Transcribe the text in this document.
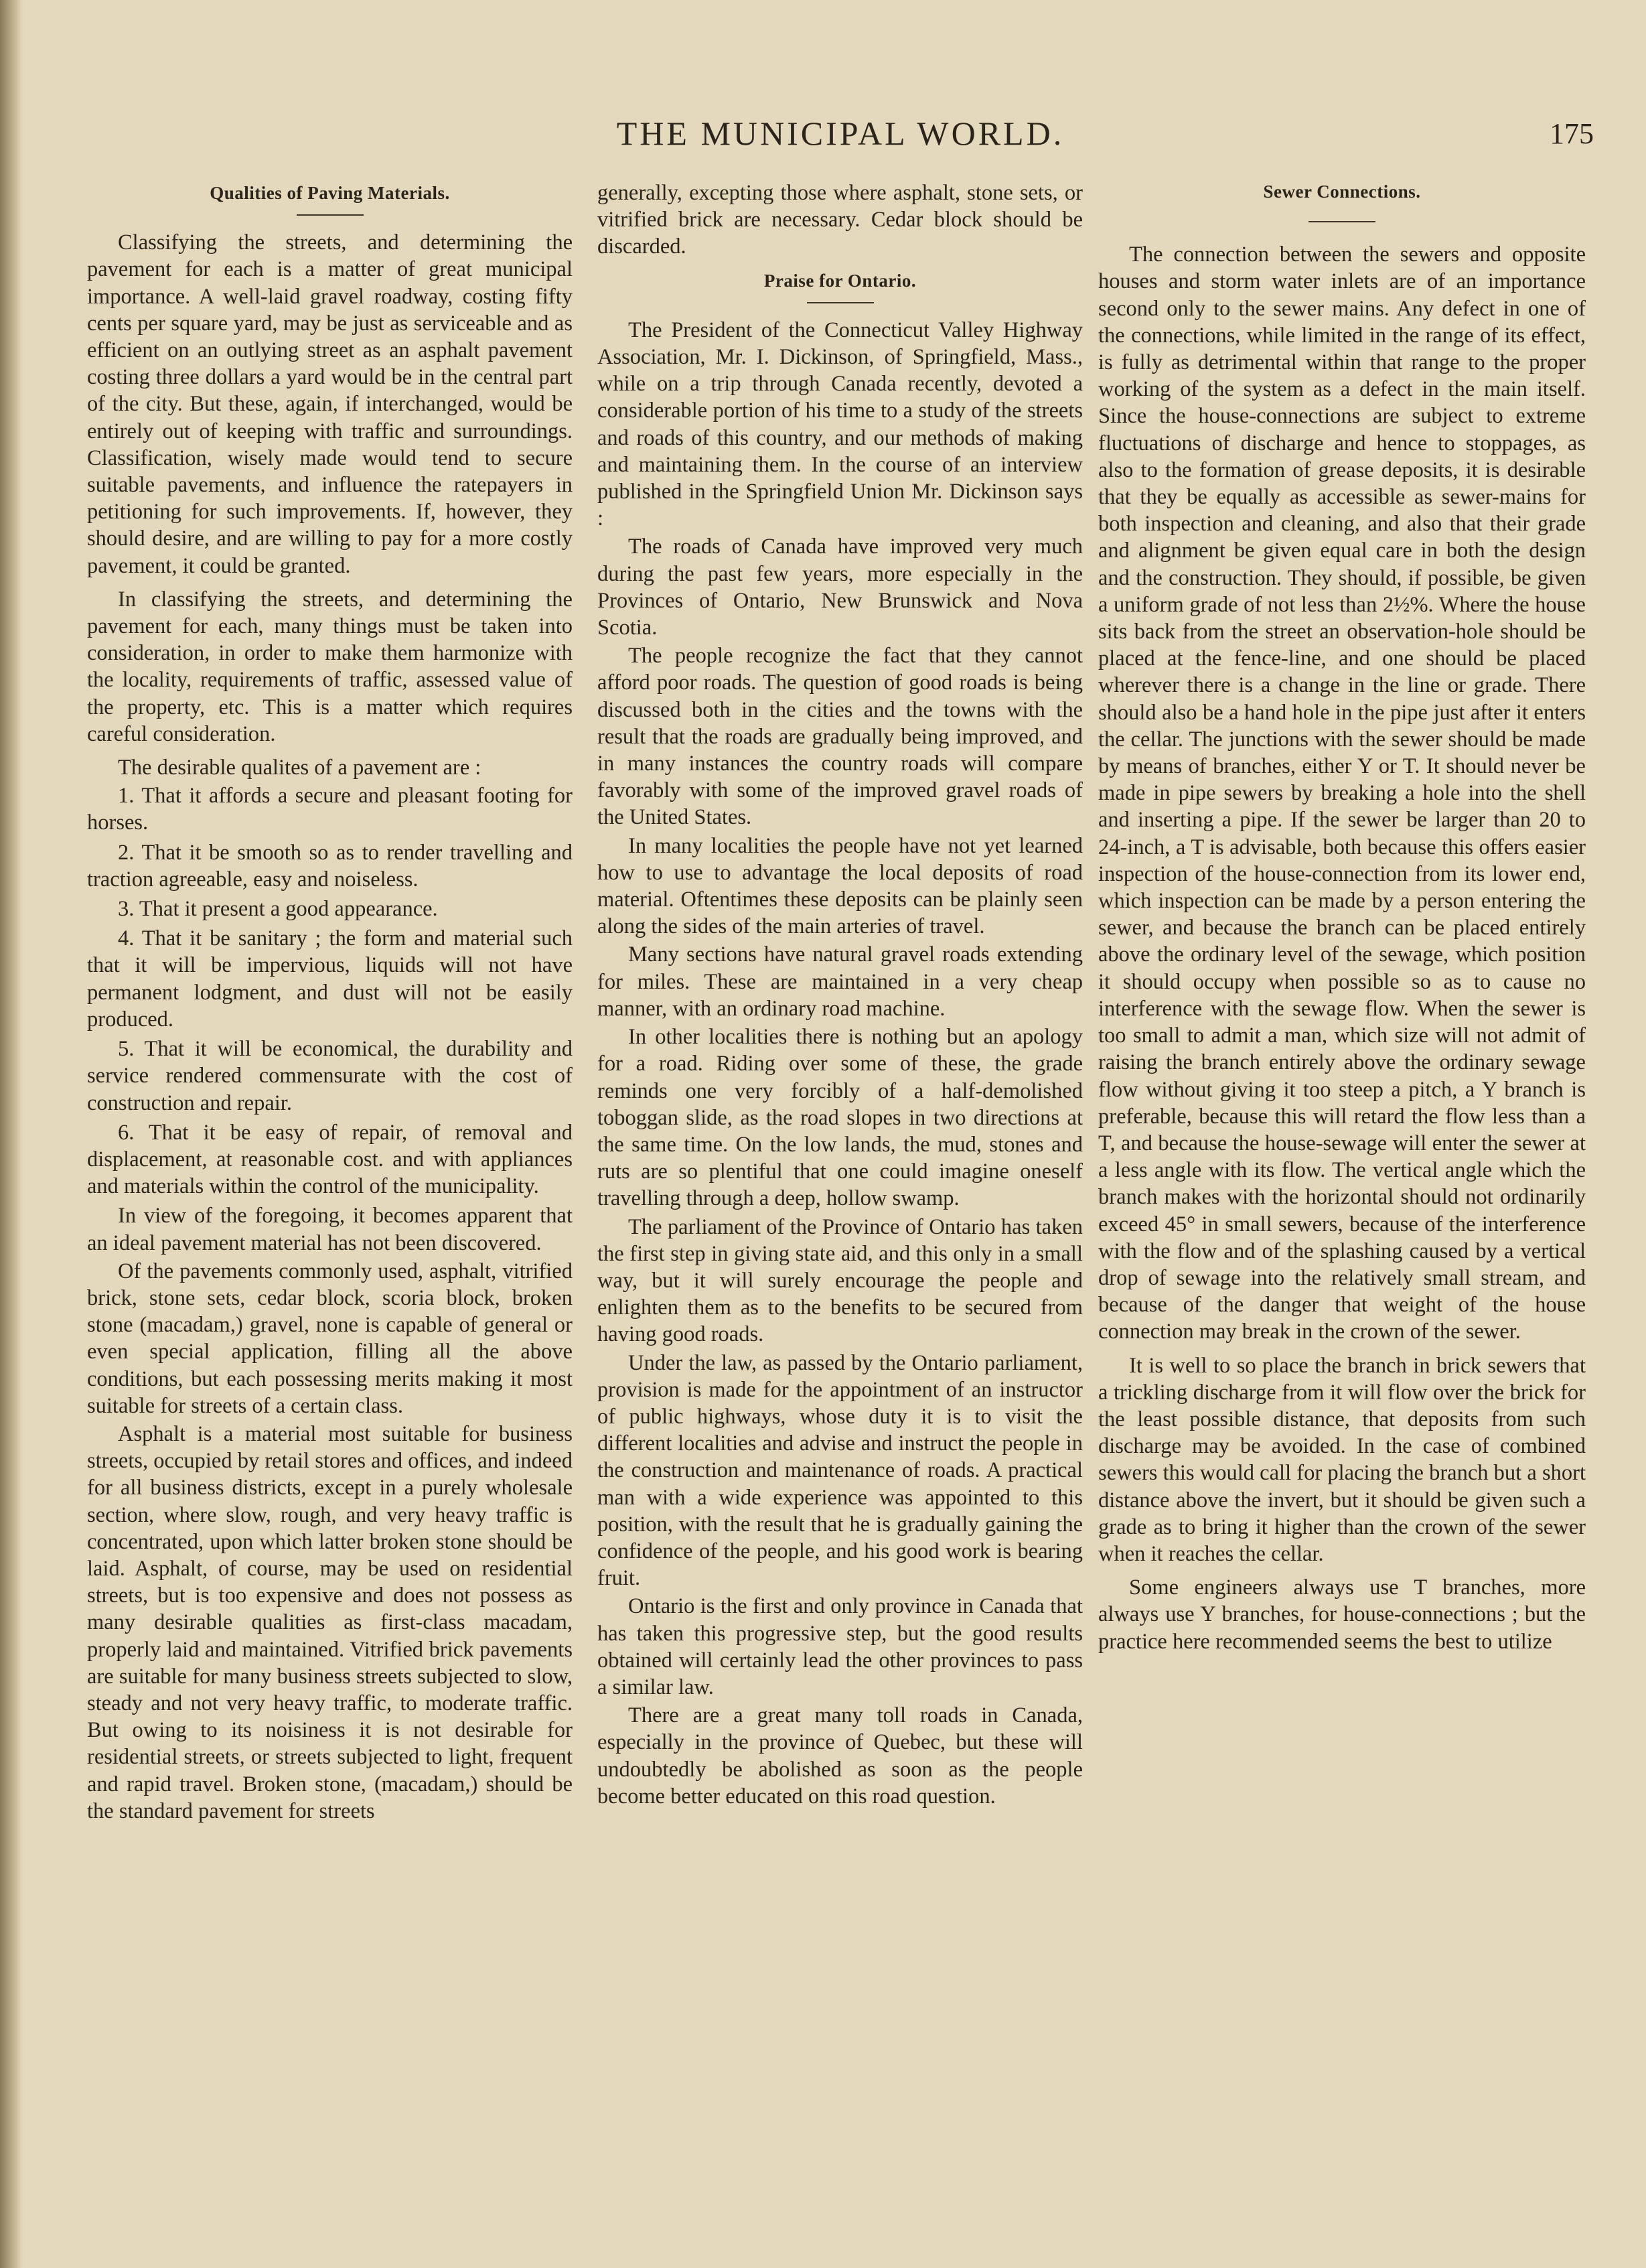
THE MUNICIPAL WORLD.	175
Qualities of Paving Materials.

Classifying the streets, and determining the pavement for each is a matter of great municipal importance. A well-laid gravel roadway, costing fifty cents per square yard, may be just as serviceable and as efficient on an outlying street as an asphalt pavement costing three dollars a yard would be in the central part of the city. But these, again, if interchanged, would be entirely out of keeping with traffic and surroundings. Classification, wisely made would tend to secure suitable pavements, and influence the ratepayers in petitioning for such improvements. If, however, they should desire, and are willing to pay for a more costly pavement, it could be granted.

In classifying the streets, and determining the pavement for each, many things must be taken into consideration, in order to make them harmonize with the locality, requirements of traffic, assessed value of the property, etc. This is a matter which requires careful consideration.

The desirable qualites of a pavement are :

1. That it affords a secure and pleasant footing for horses.

2. That it be smooth so as to render travelling and traction agreeable, easy and noiseless.

3. That it present a good appearance.

4. That it be sanitary ; the form and material such that it will be impervious, liquids will not have permanent lodgment, and dust will not be easily produced.

5. That it will be economical, the durability and service rendered commensurate with the cost of construction and repair.

6. That it be easy of repair, of removal and displacement, at reasonable cost. and with appliances and materials within the control of the municipality.

In view of the foregoing, it becomes apparent that an ideal pavement material has not been discovered.

Of the pavements commonly used, asphalt, vitrified brick, stone sets, cedar block, scoria block, broken stone (macadam,) gravel, none is capable of general or even special application, filling all the above conditions, but each possessing merits making it most suitable for streets of a certain class.

Asphalt is a material most suitable for business streets, occupied by retail stores and offices, and indeed for all business districts, except in a purely wholesale section, where slow, rough, and very heavy traffic is concentrated, upon which latter broken stone should be laid. Asphalt, of course, may be used on residential streets, but is too expensive and does not possess as many desirable qualities as first-class macadam, properly laid and maintained. Vitrified brick pavements are suitable for many business streets subjected to slow, steady and not very heavy traffic, to moderate traffic. But owing to its noisiness it is not desirable for residential streets, or streets subjected to light, frequent and rapid travel. Broken stone, (macadam,) should be the standard pavement for streets

generally, excepting those where asphalt, stone sets, or vitrified brick are necessary. Cedar block should be discarded.

Praise for Ontario.

The President of the Connecticut Valley Highway Association, Mr. I. Dickinson, of Springfield, Mass., while on a trip through Canada recently, devoted a considerable portion of his time to a study of the streets and roads of this country, and our methods of making and maintaining them. In the course of an interview published in the Springfield Union Mr. Dickinson says :

The roads of Canada have improved very much during the past few years, more especially in the Provinces of Ontario, New Brunswick and Nova Scotia.

The people recognize the fact that they cannot afford poor roads. The question of good roads is being discussed both in the cities and the towns with the result that the roads are gradually being improved, and in many instances the country roads will compare favorably with some of the improved gravel roads of the United States.

In many localities the people have not yet learned how to use to advantage the local deposits of road material. Oftentimes these deposits can be plainly seen along the sides of the main arteries of travel.

Many sections have natural gravel roads extending for miles. These are maintained in a very cheap manner, with an ordinary road machine.

In other localities there is nothing but an apology for a road. Riding over some of these, the grade reminds one very forcibly of a half-demolished toboggan slide, as the road slopes in two directions at the same time. On the low lands, the mud, stones and ruts are so plentiful that one could imagine oneself travelling through a deep, hollow swamp.

The parliament of the Province of Ontario has taken the first step in giving state aid, and this only in a small way, but it will surely encourage the people and enlighten them as to the benefits to be secured from having good roads.

Under the law, as passed by the Ontario parliament, provision is made for the appointment of an instructor of public highways, whose duty it is to visit the different localities and advise and instruct the people in the construction and maintenance of roads. A practical man with a wide experience was appointed to this position, with the result that he is gradually gaining the confidence of the people, and his good work is bearing fruit.

Ontario is the first and only province in Canada that has taken this progressive step, but the good results obtained will certainly lead the other provinces to pass a similar law.

There are a great many toll roads in Canada, especially in the province of Quebec, but these will undoubtedly be abolished as soon as the people become better educated on this road question.

Sewer Connections.

The connection between the sewers and opposite houses and storm water inlets are of an importance second only to the sewer mains. Any defect in one of the connections, while limited in the range of its effect, is fully as detrimental within that range to the proper working of the system as a defect in the main itself. Since the house-connections are subject to extreme fluctuations of discharge and hence to stoppages, as also to the formation of grease deposits, it is desirable that they be equally as accessible as sewer-mains for both inspection and cleaning, and also that their grade and alignment be given equal care in both the design and the construction. They should, if possible, be given a uniform grade of not less than 2½%. Where the house sits back from the street an observation-hole should be placed at the fence-line, and one should be placed wherever there is a change in the line or grade. There should also be a hand hole in the pipe just after it enters the cellar. The junctions with the sewer should be made by means of branches, either Y or T. It should never be made in pipe sewers by breaking a hole into the shell and inserting a pipe. If the sewer be larger than 20 to 24-inch, a T is advisable, both because this offers easier inspection of the house-connection from its lower end, which inspection can be made by a person entering the sewer, and because the branch can be placed entirely above the ordinary level of the sewage, which position it should occupy when possible so as to cause no interference with the sewage flow. When the sewer is too small to admit a man, which size will not admit of raising the branch entirely above the ordinary sewage flow without giving it too steep a pitch, a Y branch is preferable, because this will retard the flow less than a T, and because the house-sewage will enter the sewer at a less angle with its flow. The vertical angle which the branch makes with the horizontal should not ordinarily exceed 45° in small sewers, because of the interference with the flow and of the splashing caused by a vertical drop of sewage into the relatively small stream, and because of the danger that weight of the house connection may break in the crown of the sewer.

It is well to so place the branch in brick sewers that a trickling discharge from it will flow over the brick for the least possible distance, that deposits from such discharge may be avoided. In the case of combined sewers this would call for placing the branch but a short distance above the invert, but it should be given such a grade as to bring it higher than the crown of the sewer when it reaches the cellar.

Some engineers always use T branches, more always use Y branches, for house-connections ; but the practice here recommended seems the best to utilize
